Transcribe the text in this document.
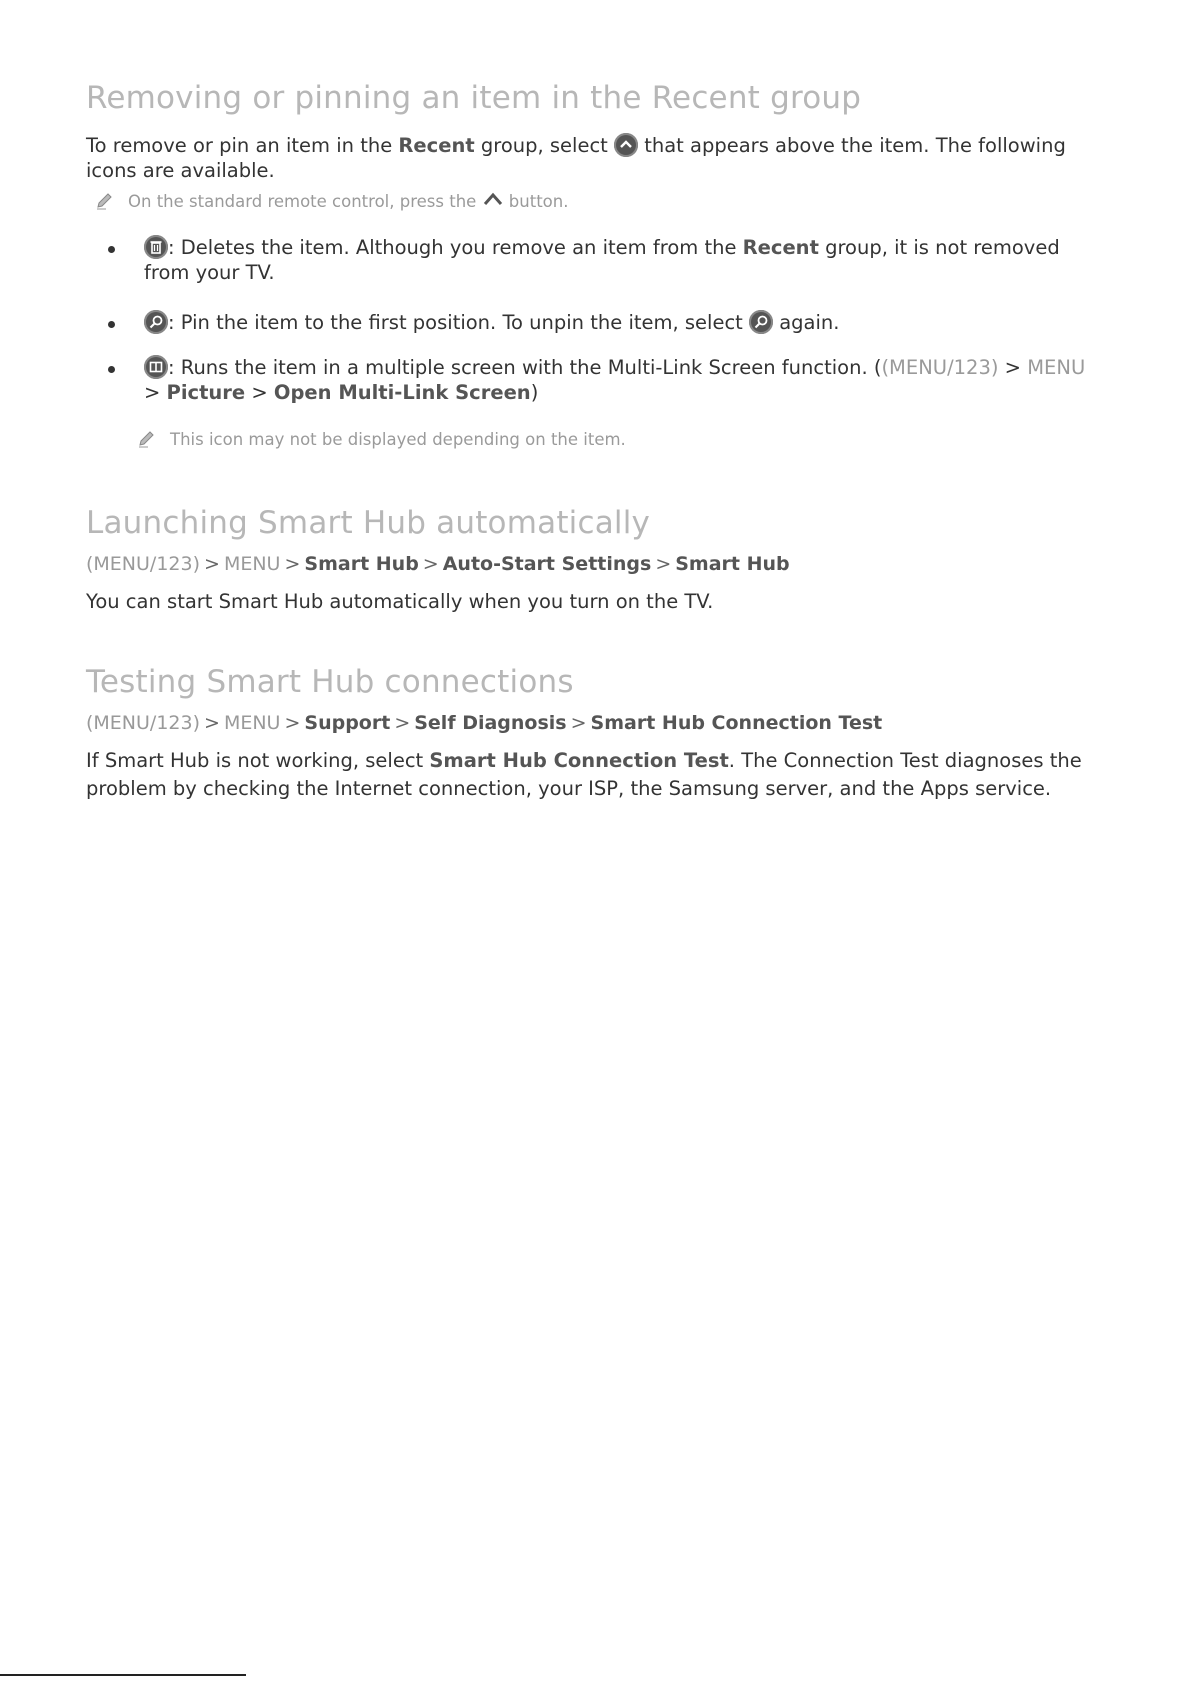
Removing or pinning an item in the Recent group

To remove or pin an item in the Recent group, select
that appears above the item. The following icons are available.

On the standard remote control, press the  button.
: Deletes the item. Although you remove an item from the Recent group, it is not removed from your TV.
: Pin the item to the first position. To unpin the item, select
again.
: Runs the item in a multiple screen with the Multi-Link Screen function. ((MENU/123) > MENU > Picture > Open Multi-Link Screen)
This icon may not be displayed depending on the item.
Launching Smart Hub automatically
(MENU/123) > MENU > Smart Hub > Auto-Start Settings > Smart Hub

You can start Smart Hub automatically when you turn on the TV.

Testing Smart Hub connections
(MENU/123) > MENU > Support > Self Diagnosis > Smart Hub Connection Test

If Smart Hub is not working, select Smart Hub Connection Test. The Connection Test diagnoses the problem by checking the Internet connection, your ISP, the Samsung server, and the Apps service.
